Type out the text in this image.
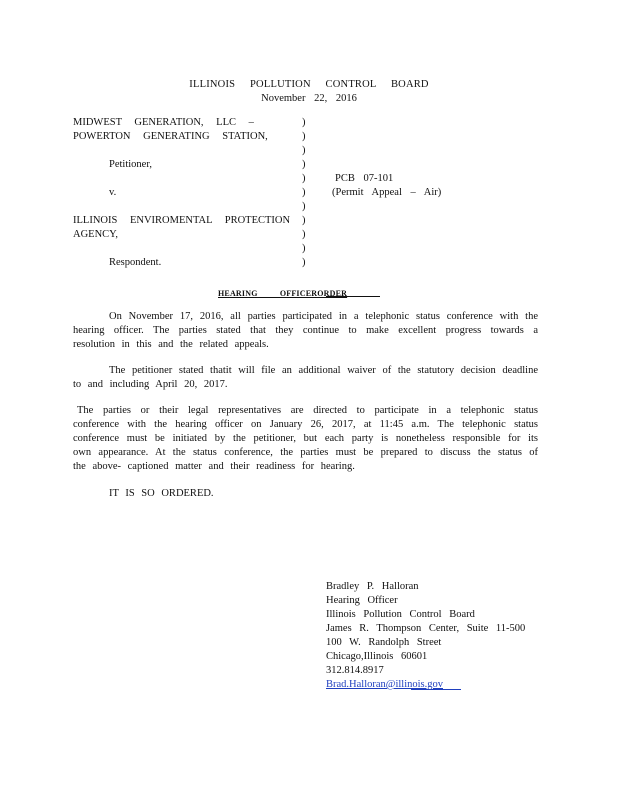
ILLINOIS POLLUTION CONTROL BOARD
November 22, 2016
MIDWEST GENERATION, LLC –
POWERTON GENERATING STATION,
Petitioner,
v.
ILLINOIS ENVIROMENTAL PROTECTION
AGENCY,
Respondent.
)
)
)
)
)
)
)
)
)
)
)
PCB 07-101
(Permit Appeal – Air)
HEARING OFFICERORDER
On November 17, 2016, all parties participated in a telephonic status conference with the hearing officer. The parties stated that they continue to make excellent progress towards a resolution in this and the related appeals.
The petitioner stated thatit will file an additional waiver of the statutory decision deadline to and including April 20, 2017.
The parties or their legal representatives are directed to participate in a telephonic status conference with the hearing officer on January 26, 2017, at 11:45 a.m. The telephonic status conference must be initiated by the petitioner, but each party is nonetheless responsible for its own appearance. At the status conference, the parties must be prepared to discuss the status of the above- captioned matter and their readiness for hearing.
IT IS SO ORDERED.
Bradley P. Halloran
Hearing Officer
Illinois Pollution Control Board
James R. Thompson Center, Suite 11-500
100 W. Randolph Street
Chicago,Illinois 60601
312.814.8917
Brad.Halloran@illinois.gov
